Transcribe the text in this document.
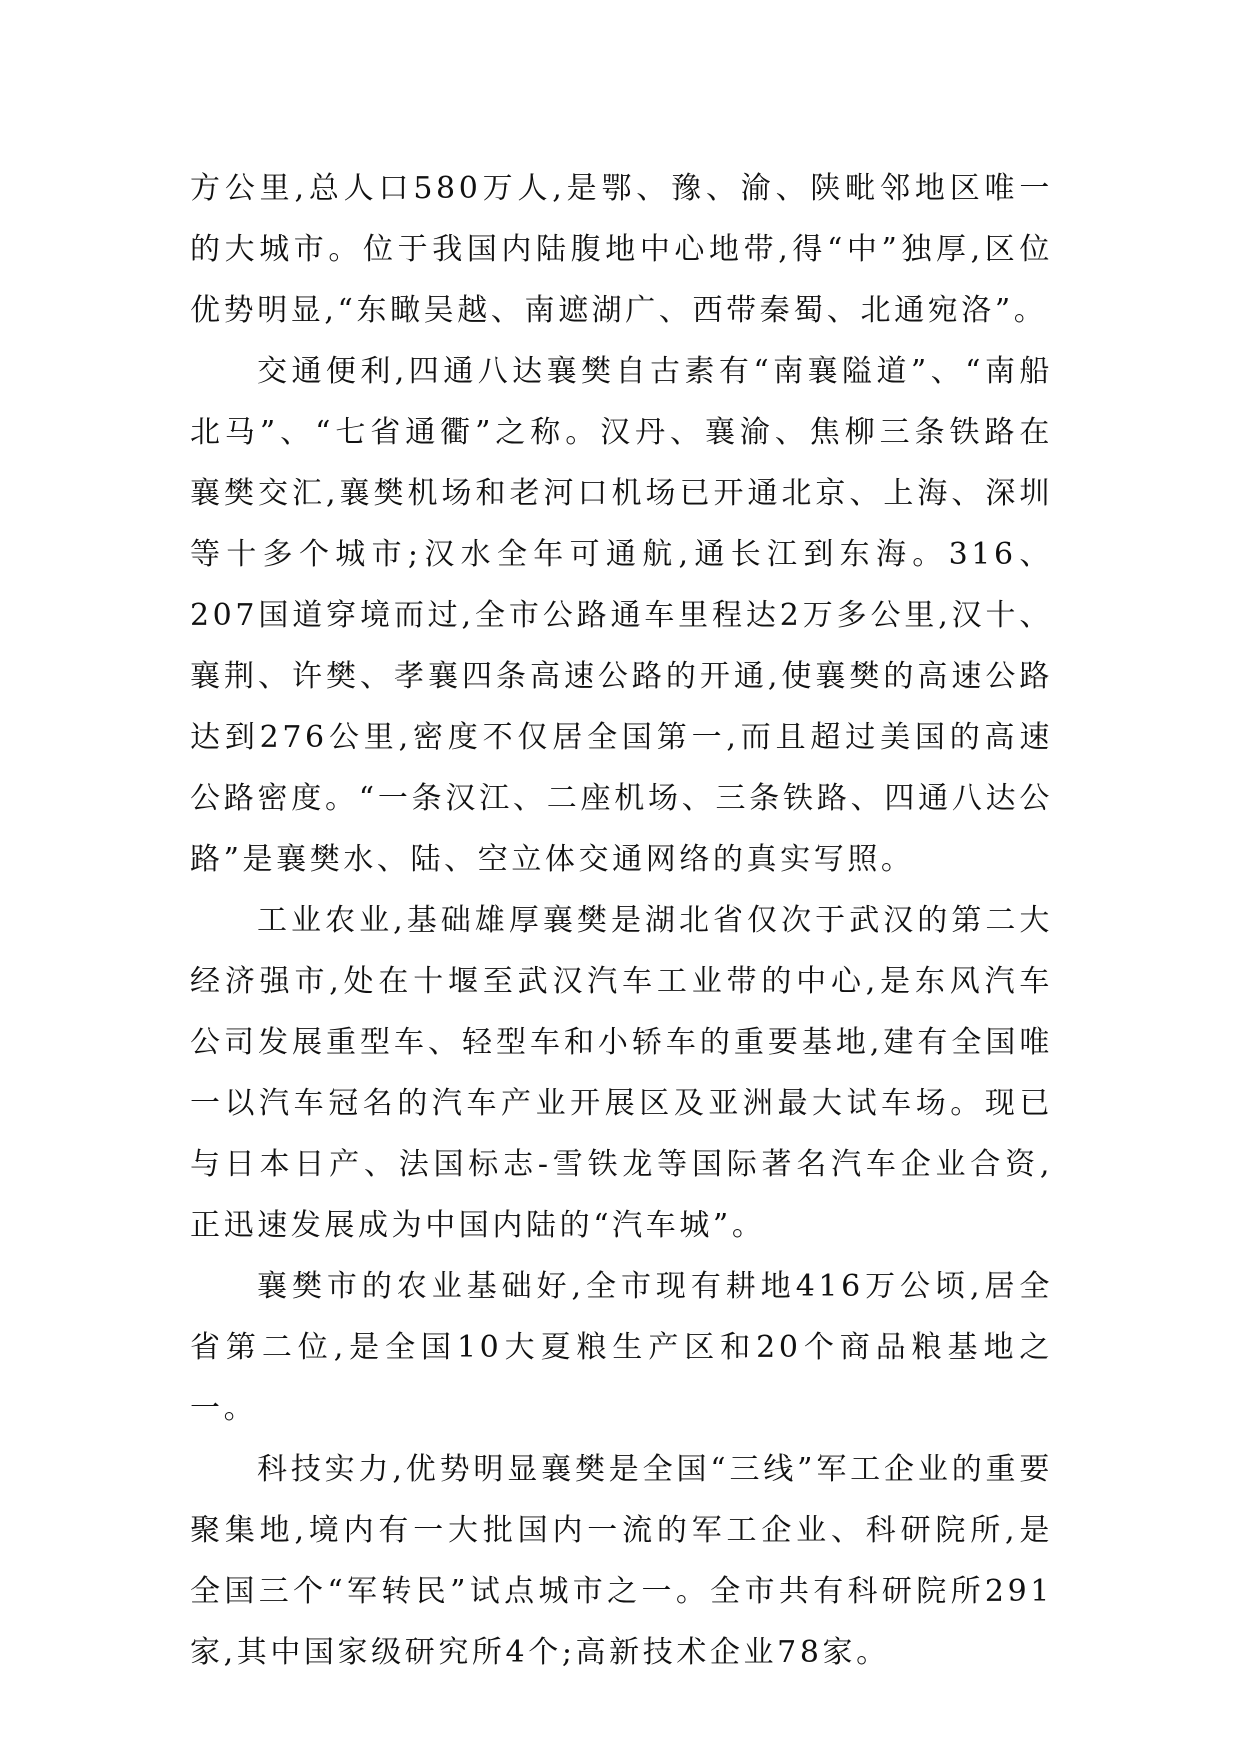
方公里,总人口580万人,是鄂、豫、渝、陕毗邻地区唯一的大城市。位于我国内陆腹地中心地带,得“中”独厚,区位优势明显,“东瞰吴越、南遮湖广、西带秦蜀、北通宛洛”。

交通便利,四通八达襄樊自古素有“南襄隘道”、“南船北马”、“七省通衢”之称。汉丹、襄渝、焦柳三条铁路在襄樊交汇,襄樊机场和老河口机场已开通北京、上海、深圳等十多个城市;汉水全年可通航,通长江到东海。316、207国道穿境而过,全市公路通车里程达2万多公里,汉十、襄荆、许樊、孝襄四条高速公路的开通,使襄樊的高速公路达到276公里,密度不仅居全国第一,而且超过美国的高速公路密度。“一条汉江、二座机场、三条铁路、四通八达公路”是襄樊水、陆、空立体交通网络的真实写照。

工业农业,基础雄厚襄樊是湖北省仅次于武汉的第二大经济强市,处在十堰至武汉汽车工业带的中心,是东风汽车公司发展重型车、轻型车和小轿车的重要基地,建有全国唯一以汽车冠名的汽车产业开展区及亚洲最大试车场。现已与日本日产、法国标志-雪铁龙等国际著名汽车企业合资,正迅速发展成为中国内陆的“汽车城”。

襄樊市的农业基础好,全市现有耕地416万公顷,居全省第二位,是全国10大夏粮生产区和20个商品粮基地之一。

科技实力,优势明显襄樊是全国“三线”军工企业的重要聚集地,境内有一大批国内一流的军工企业、科研院所,是全国三个“军转民”试点城市之一。全市共有科研院所291家,其中国家级研究所4个;高新技术企业78家。
